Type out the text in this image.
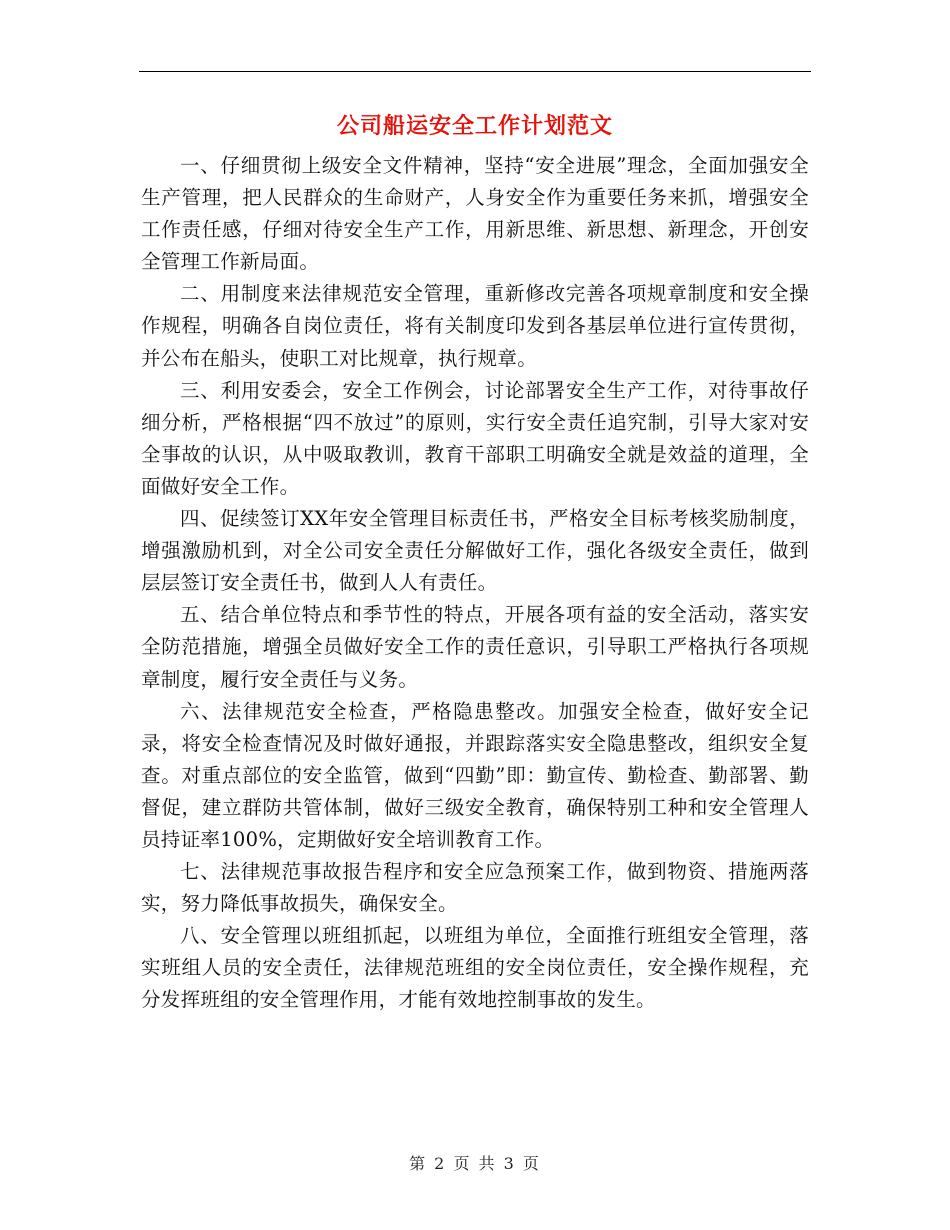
公司船运安全工作计划范文

一、仔细贯彻上级安全文件精神，坚持“安全进展”理念，全面加强安全生产管理，把人民群众的生命财产，人身安全作为重要任务来抓，增强安全工作责任感，仔细对待安全生产工作，用新思维、新思想、新理念，开创安全管理工作新局面。

二、用制度来法律规范安全管理，重新修改完善各项规章制度和安全操作规程，明确各自岗位责任，将有关制度印发到各基层单位进行宣传贯彻，并公布在船头，使职工对比规章，执行规章。

三、利用安委会，安全工作例会，讨论部署安全生产工作，对待事故仔细分析，严格根据“四不放过”的原则，实行安全责任追究制，引导大家对安全事故的认识，从中吸取教训，教育干部职工明确安全就是效益的道理，全面做好安全工作。

四、促续签订XX年安全管理目标责任书，严格安全目标考核奖励制度，增强激励机到，对全公司安全责任分解做好工作，强化各级安全责任，做到层层签订安全责任书，做到人人有责任。

五、结合单位特点和季节性的特点，开展各项有益的安全活动，落实安全防范措施，增强全员做好安全工作的责任意识，引导职工严格执行各项规章制度，履行安全责任与义务。

六、法律规范安全检查，严格隐患整改。加强安全检查，做好安全记录，将安全检查情况及时做好通报，并跟踪落实安全隐患整改，组织安全复查。对重点部位的安全监管，做到“四勤”即：勤宣传、勤检查、勤部署、勤督促，建立群防共管体制，做好三级安全教育，确保特别工种和安全管理人员持证率100%，定期做好安全培训教育工作。

七、法律规范事故报告程序和安全应急预案工作，做到物资、措施两落实，努力降低事故损失，确保安全。

八、安全管理以班组抓起，以班组为单位，全面推行班组安全管理，落实班组人员的安全责任，法律规范班组的安全岗位责任，安全操作规程，充分发挥班组的安全管理作用，才能有效地控制事故的发生。

第 2 页 共 3 页
